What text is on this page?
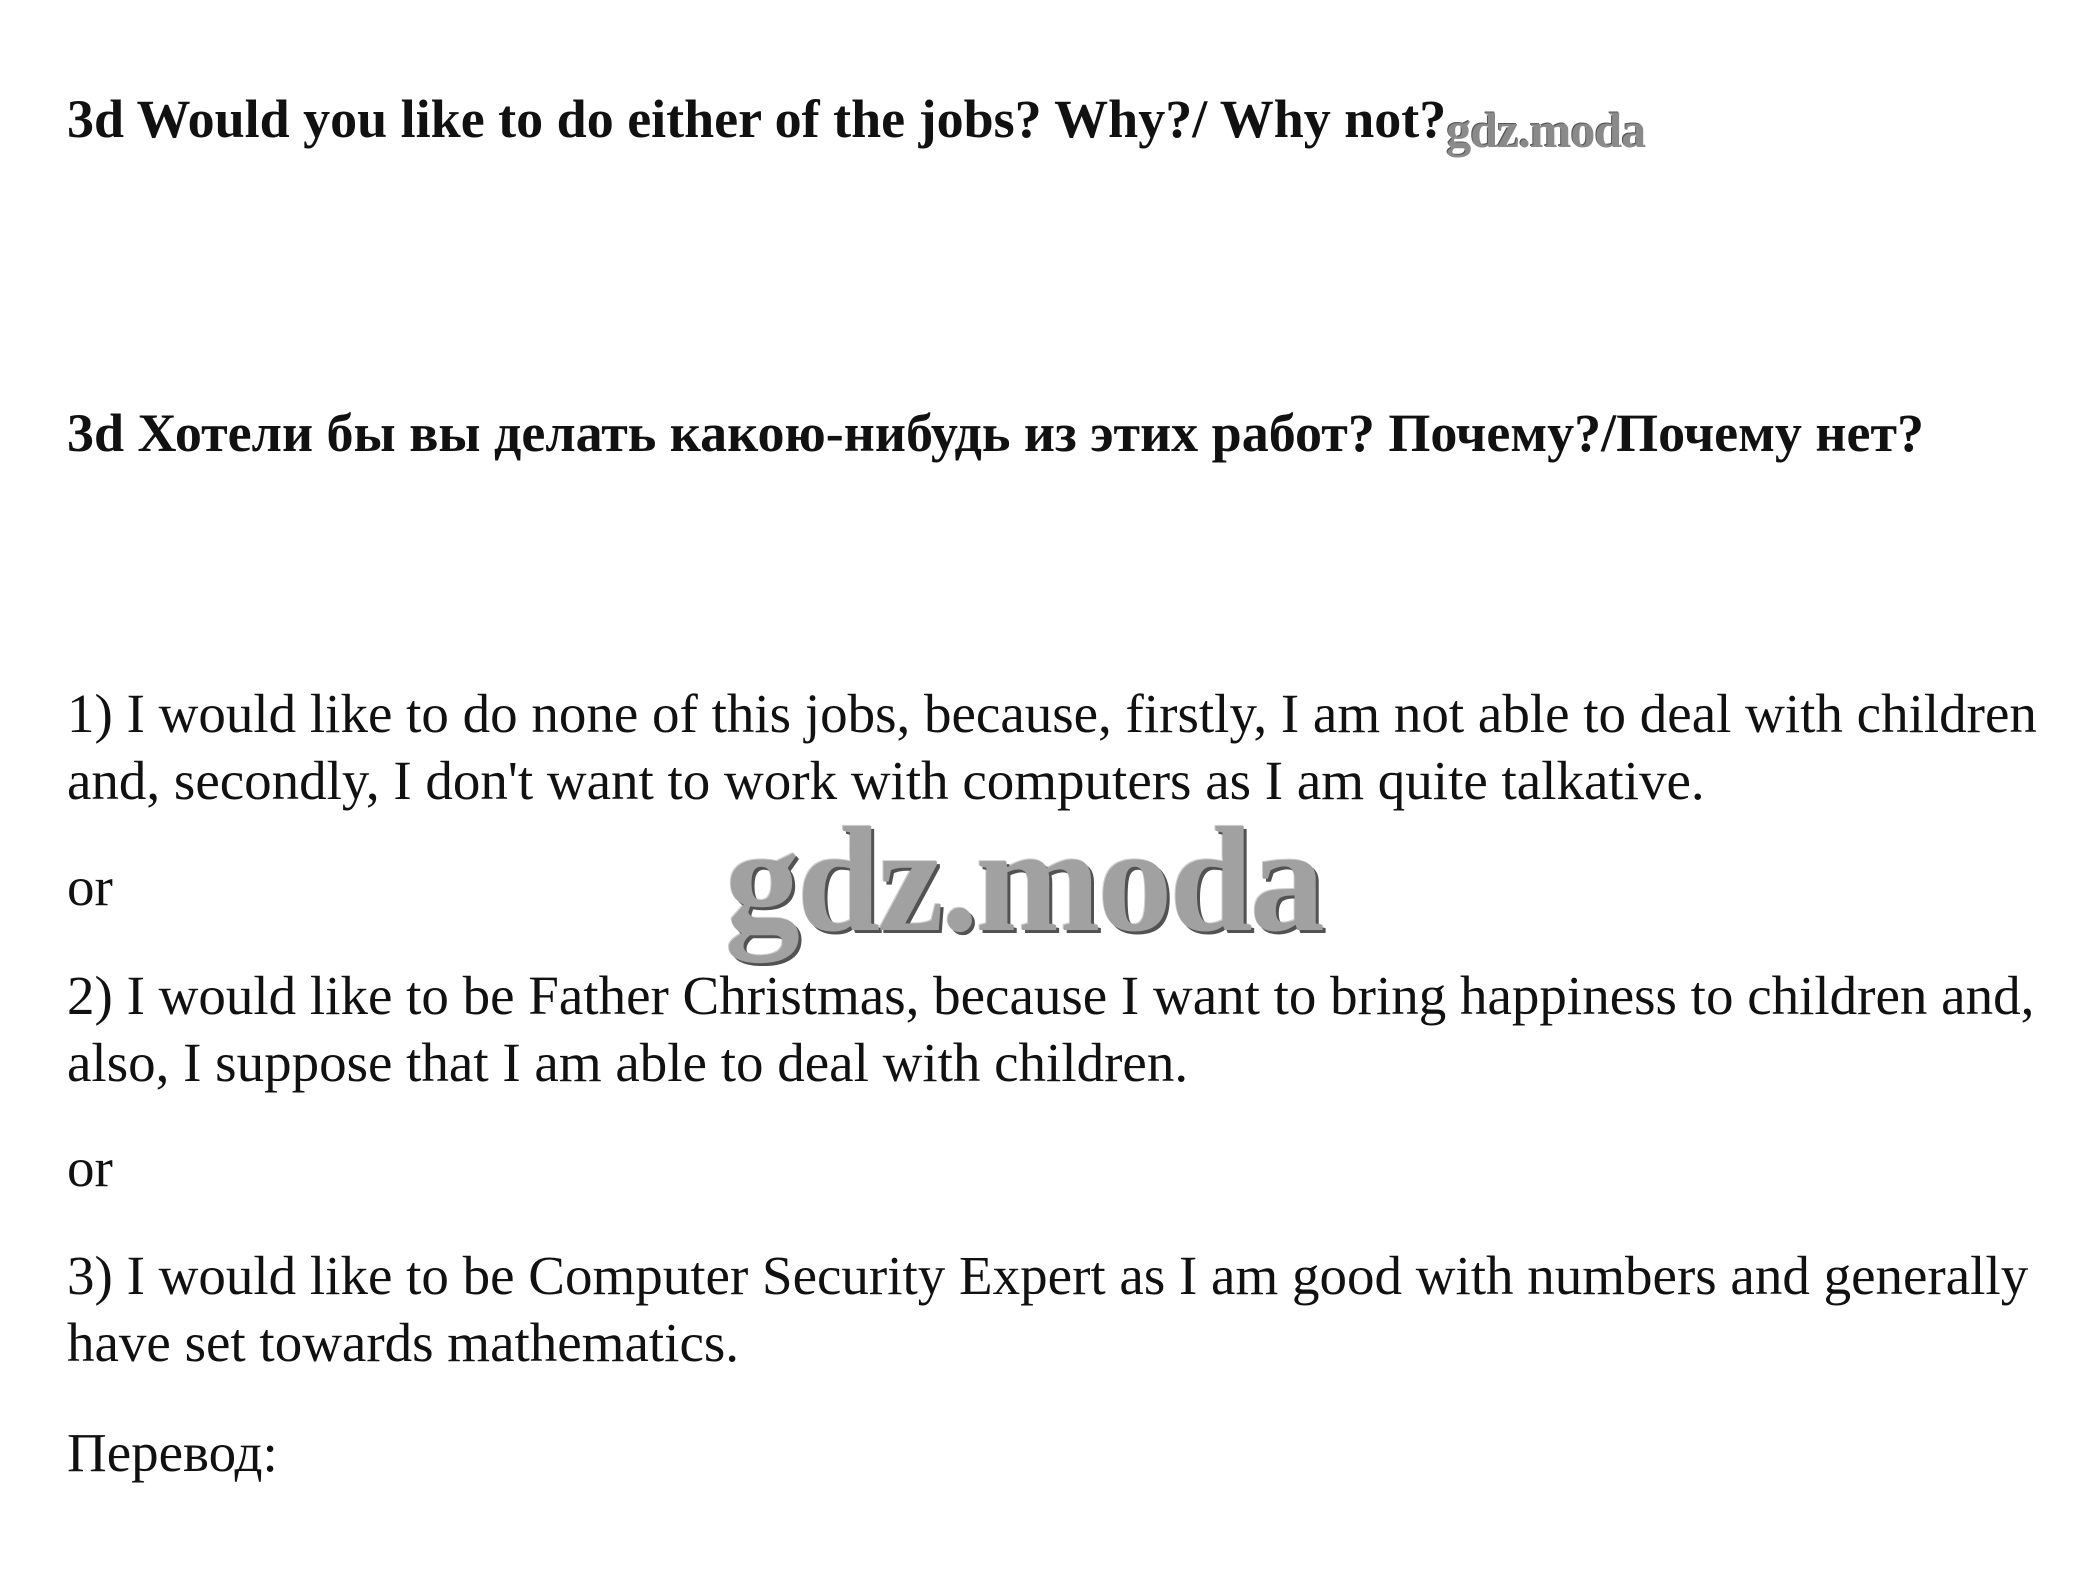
3d Would you like to do either of the jobs? Why?/ Why not?gdz.moda
3d Хотели бы вы делать какою-нибудь из этих работ? Почему?/Почему нет?

1) I would like to do none of this jobs, because, firstly, I am not able to deal with children and, secondly, I don't want to work with computers as I am quite talkative.

or

2) I would like to be Father Christmas, because I want to bring happiness to children and, also, I suppose that I am able to deal with children.

or

3) I would like to be Computer Security Expert as I am good with numbers and generally have set towards mathematics.

Перевод:

gdz.moda
